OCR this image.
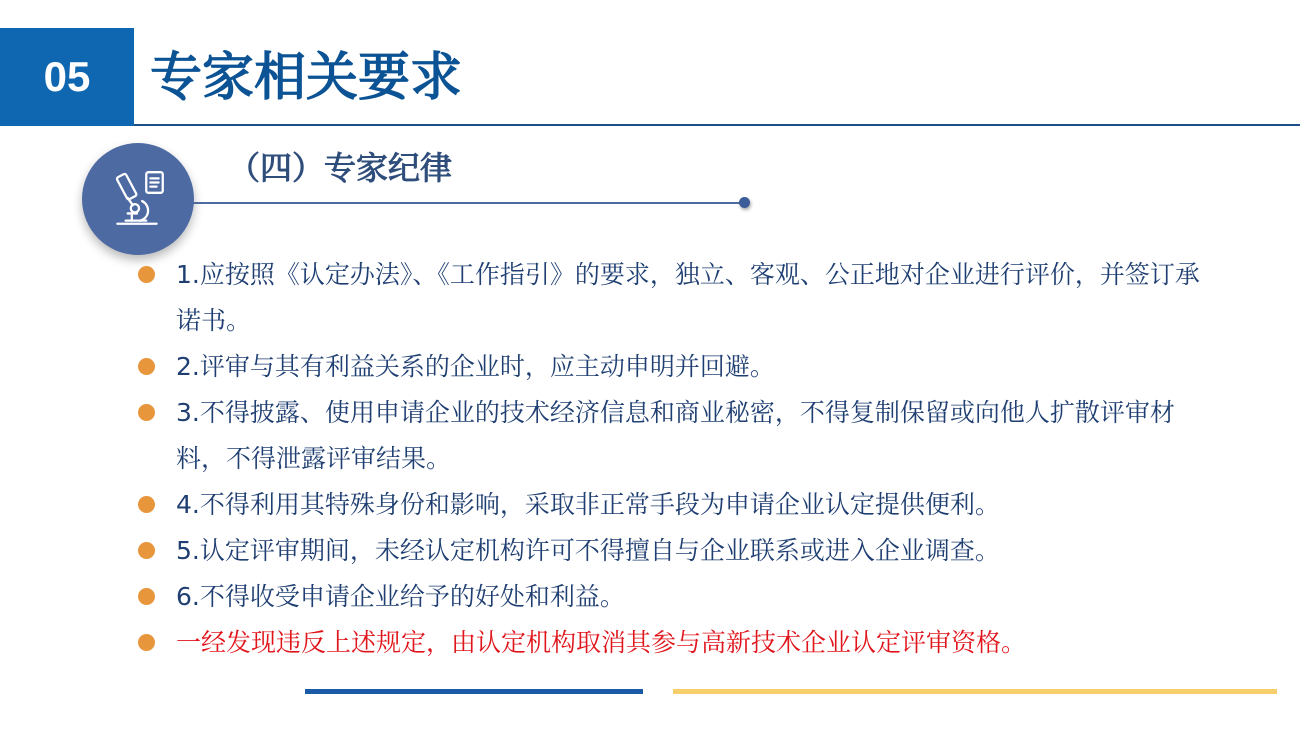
05 专家相关要求
（四）专家纪律
1.应按照《认定办法》、《工作指引》的要求，独立、客观、公正地对企业进行评价，并签订承诺书。
2.评审与其有利益关系的企业时，应主动申明并回避。
3.不得披露、使用申请企业的技术经济信息和商业秘密，不得复制保留或向他人扩散评审材料，不得泄露评审结果。
4.不得利用其特殊身份和影响，采取非正常手段为申请企业认定提供便利。
5.认定评审期间，未经认定机构许可不得擅自与企业联系或进入企业调查。
6.不得收受申请企业给予的好处和利益。
一经发现违反上述规定，由认定机构取消其参与高新技术企业认定评审资格。
